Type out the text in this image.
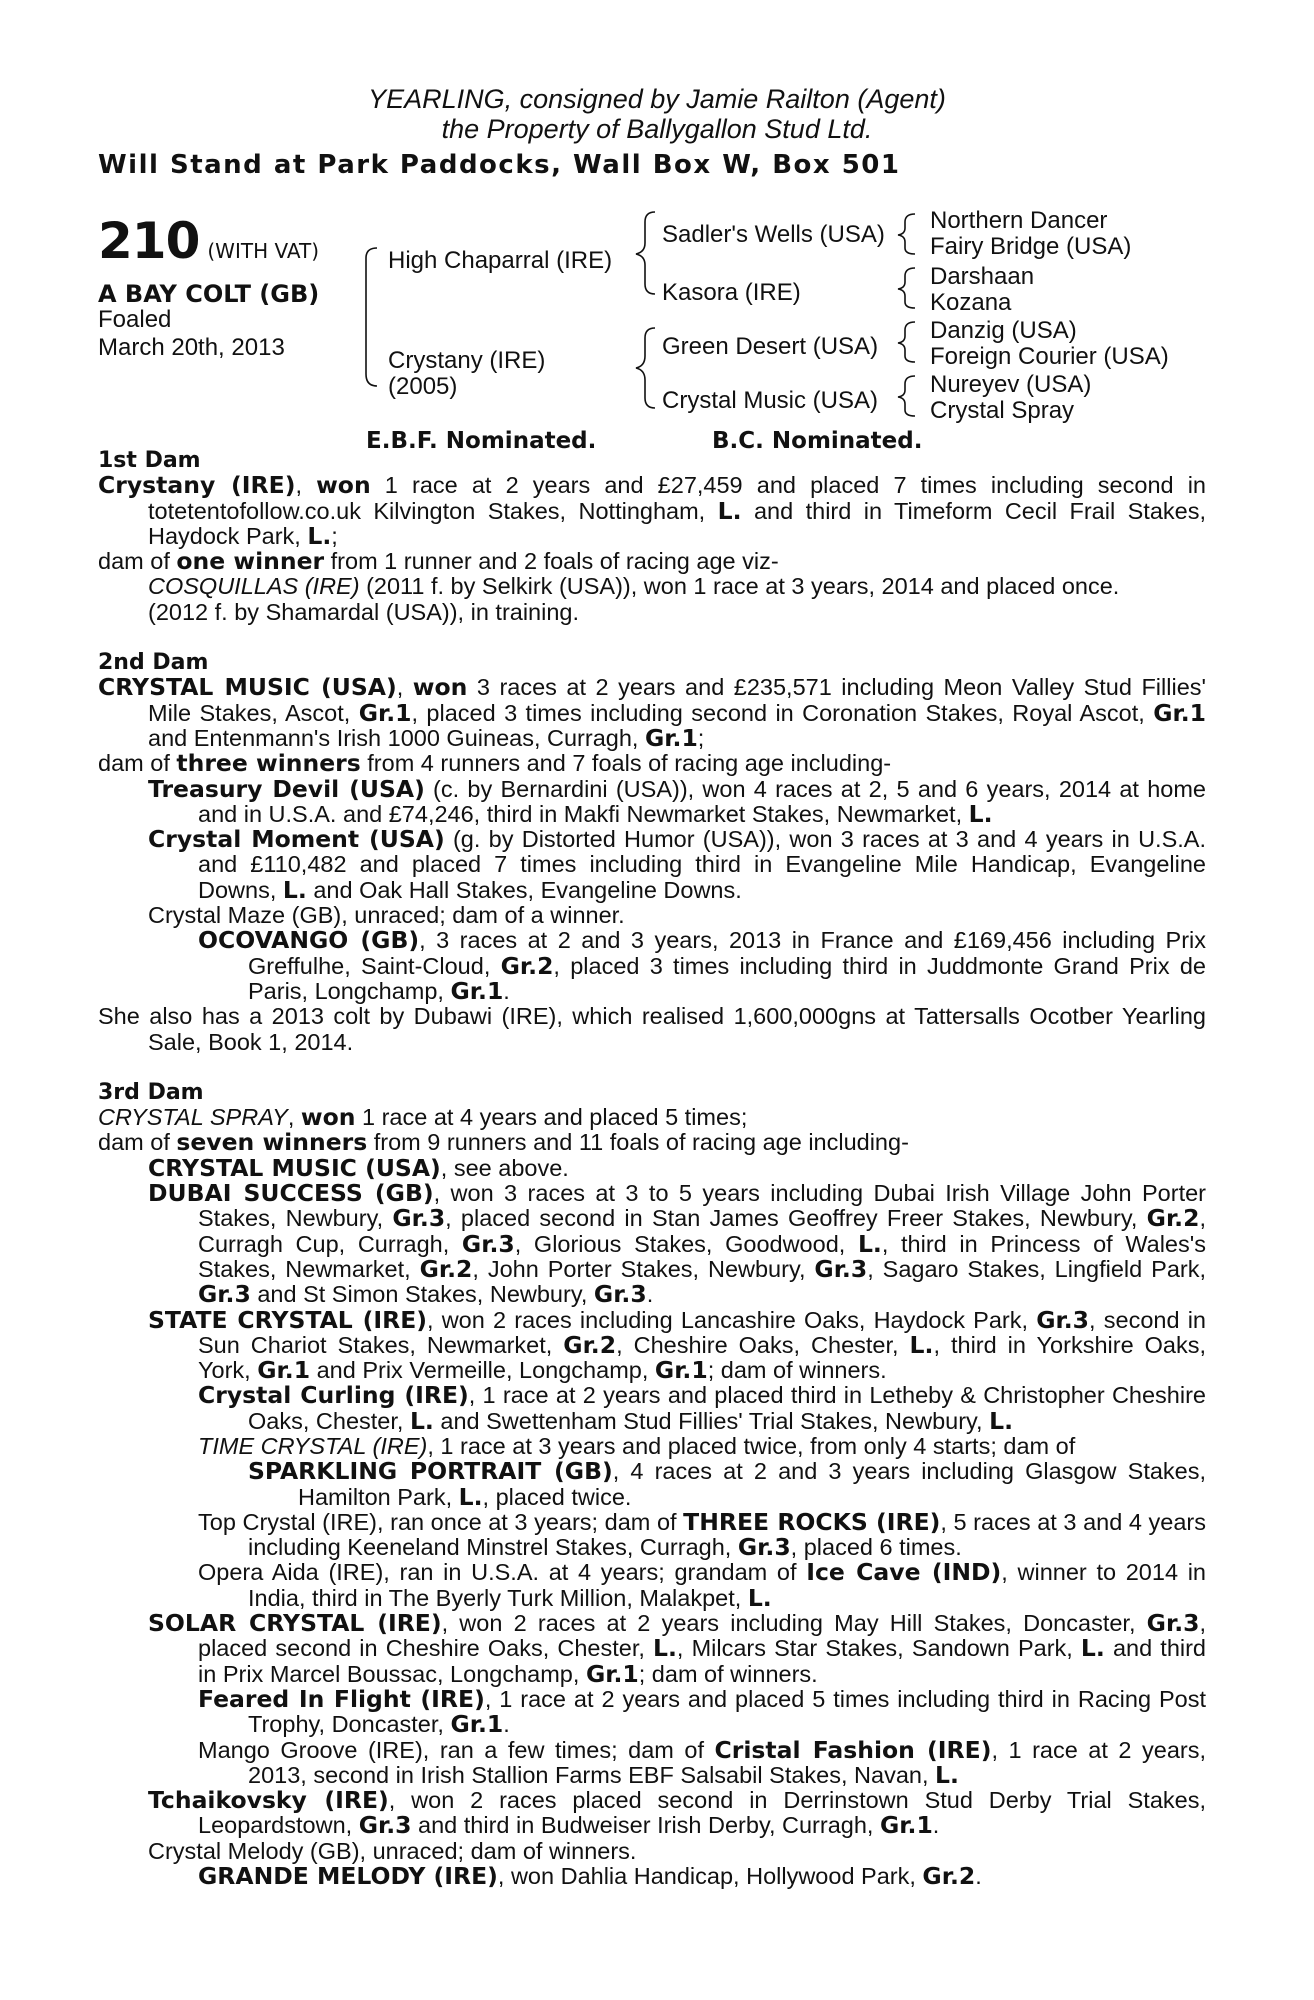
YEARLING, consigned by Jamie Railton (Agent)
the Property of Ballygallon Stud Ltd.
Will Stand at Park Paddocks, Wall Box W, Box 501
210 (WITH VAT)
A BAY COLT (GB)
Foaled
March 20th, 2013
High Chaparral (IRE)
Crystany (IRE)
(2005)
Sadler's Wells (USA)
Kasora (IRE)
Green Desert (USA)
Crystal Music (USA)
Northern Dancer
Fairy Bridge (USA)
Darshaan
Kozana
Danzig (USA)
Foreign Courier (USA)
Nureyev (USA)
Crystal Spray
E.B.F. Nominated.	B.C. Nominated.

1st Dam

Crystany (IRE), won 1 race at 2 years and £27,459 and placed 7 times including second in totetentofollow.co.uk Kilvington Stakes, Nottingham, L. and third in Timeform Cecil Frail Stakes, Haydock Park, L.;

dam of one winner from 1 runner and 2 foals of racing age viz-

COSQUILLAS (IRE) (2011 f. by Selkirk (USA)), won 1 race at 3 years, 2014 and placed once.

(2012 f. by Shamardal (USA)), in training.

2nd Dam

CRYSTAL MUSIC (USA), won 3 races at 2 years and £235,571 including Meon Valley Stud Fillies' Mile Stakes, Ascot, Gr.1, placed 3 times including second in Coronation Stakes, Royal Ascot, Gr.1 and Entenmann's Irish 1000 Guineas, Curragh, Gr.1;

dam of three winners from 4 runners and 7 foals of racing age including-

Treasury Devil (USA) (c. by Bernardini (USA)), won 4 races at 2, 5 and 6 years, 2014 at home and in U.S.A. and £74,246, third in Makfi Newmarket Stakes, Newmarket, L.

Crystal Moment (USA) (g. by Distorted Humor (USA)), won 3 races at 3 and 4 years in U.S.A. and £110,482 and placed 7 times including third in Evangeline Mile Handicap, Evangeline Downs, L. and Oak Hall Stakes, Evangeline Downs.

Crystal Maze (GB), unraced; dam of a winner.

OCOVANGO (GB), 3 races at 2 and 3 years, 2013 in France and £169,456 including Prix Greffulhe, Saint-Cloud, Gr.2, placed 3 times including third in Juddmonte Grand Prix de Paris, Longchamp, Gr.1.

She also has a 2013 colt by Dubawi (IRE), which realised 1,600,000gns at Tattersalls Ocotber Yearling Sale, Book 1, 2014.

3rd Dam

CRYSTAL SPRAY, won 1 race at 4 years and placed 5 times;

dam of seven winners from 9 runners and 11 foals of racing age including-

CRYSTAL MUSIC (USA), see above.

DUBAI SUCCESS (GB), won 3 races at 3 to 5 years including Dubai Irish Village John Porter Stakes, Newbury, Gr.3, placed second in Stan James Geoffrey Freer Stakes, Newbury, Gr.2, Curragh Cup, Curragh, Gr.3, Glorious Stakes, Goodwood, L., third in Princess of Wales's Stakes, Newmarket, Gr.2, John Porter Stakes, Newbury, Gr.3, Sagaro Stakes, Lingfield Park, Gr.3 and St Simon Stakes, Newbury, Gr.3.

STATE CRYSTAL (IRE), won 2 races including Lancashire Oaks, Haydock Park, Gr.3, second in Sun Chariot Stakes, Newmarket, Gr.2, Cheshire Oaks, Chester, L., third in Yorkshire Oaks, York, Gr.1 and Prix Vermeille, Longchamp, Gr.1; dam of winners.

Crystal Curling (IRE), 1 race at 2 years and placed third in Letheby & Christopher Cheshire Oaks, Chester, L. and Swettenham Stud Fillies' Trial Stakes, Newbury, L.

TIME CRYSTAL (IRE), 1 race at 3 years and placed twice, from only 4 starts; dam of

SPARKLING PORTRAIT (GB), 4 races at 2 and 3 years including Glasgow Stakes, Hamilton Park, L., placed twice.

Top Crystal (IRE), ran once at 3 years; dam of THREE ROCKS (IRE), 5 races at 3 and 4 years including Keeneland Minstrel Stakes, Curragh, Gr.3, placed 6 times.

Opera Aida (IRE), ran in U.S.A. at 4 years; grandam of Ice Cave (IND), winner to 2014 in India, third in The Byerly Turk Million, Malakpet, L.

SOLAR CRYSTAL (IRE), won 2 races at 2 years including May Hill Stakes, Doncaster, Gr.3, placed second in Cheshire Oaks, Chester, L., Milcars Star Stakes, Sandown Park, L. and third in Prix Marcel Boussac, Longchamp, Gr.1; dam of winners.

Feared In Flight (IRE), 1 race at 2 years and placed 5 times including third in Racing Post Trophy, Doncaster, Gr.1.

Mango Groove (IRE), ran a few times; dam of Cristal Fashion (IRE), 1 race at 2 years, 2013, second in Irish Stallion Farms EBF Salsabil Stakes, Navan, L.

Tchaikovsky (IRE), won 2 races placed second in Derrinstown Stud Derby Trial Stakes, Leopardstown, Gr.3 and third in Budweiser Irish Derby, Curragh, Gr.1.

Crystal Melody (GB), unraced; dam of winners.

GRANDE MELODY (IRE), won Dahlia Handicap, Hollywood Park, Gr.2.
